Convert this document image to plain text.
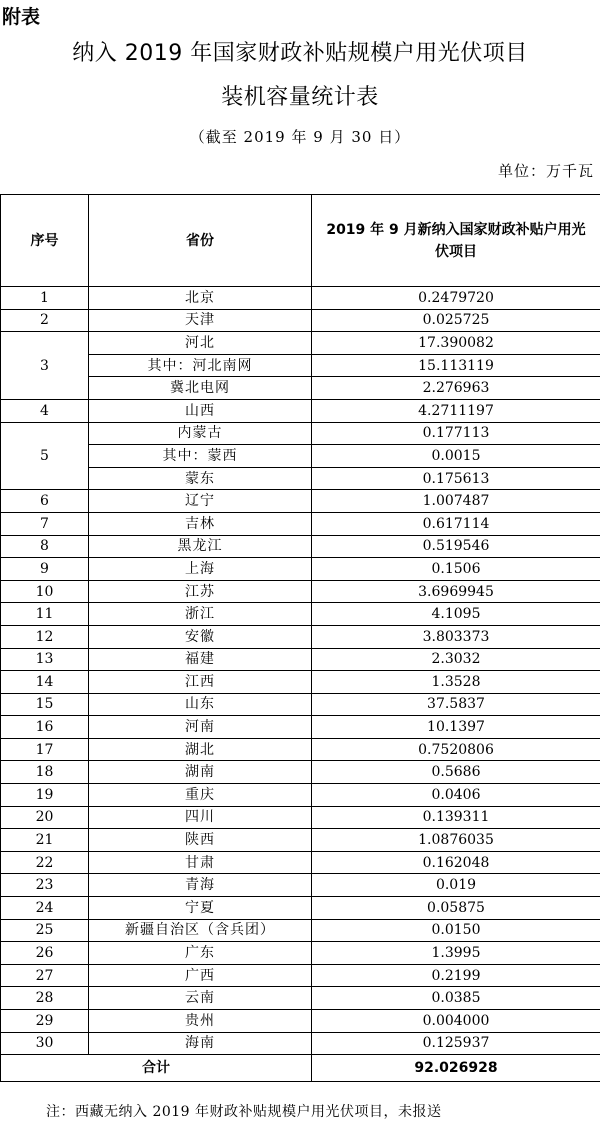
附表
纳入 2019 年国家财政补贴规模户用光伏项目
装机容量统计表
（截至 2019 年 9 月 30 日）
单位：万千瓦
序号	省份	2019 年 9 月新纳入国家财政补贴户用光伏项目
1	北京	0.2479720
2	天津	0.025725
3	河北	17.390082
	其中：河北南网	15.113119
	冀北电网	2.276963
4	山西	4.2711197
5	内蒙古	0.177113
	其中：蒙西	0.0015
	蒙东	0.175613
6	辽宁	1.007487
7	吉林	0.617114
8	黑龙江	0.519546
9	上海	0.1506
10	江苏	3.6969945
11	浙江	4.1095
12	安徽	3.803373
13	福建	2.3032
14	江西	1.3528
15	山东	37.5837
16	河南	10.1397
17	湖北	0.7520806
18	湖南	0.5686
19	重庆	0.0406
20	四川	0.139311
21	陕西	1.0876035
22	甘肃	0.162048
23	青海	0.019
24	宁夏	0.05875
25	新疆自治区（含兵团）	0.0150
26	广东	1.3995
27	广西	0.2199
28	云南	0.0385
29	贵州	0.004000
30	海南	0.125937
合计		92.026928
注：西藏无纳入 2019 年财政补贴规模户用光伏项目，未报送
